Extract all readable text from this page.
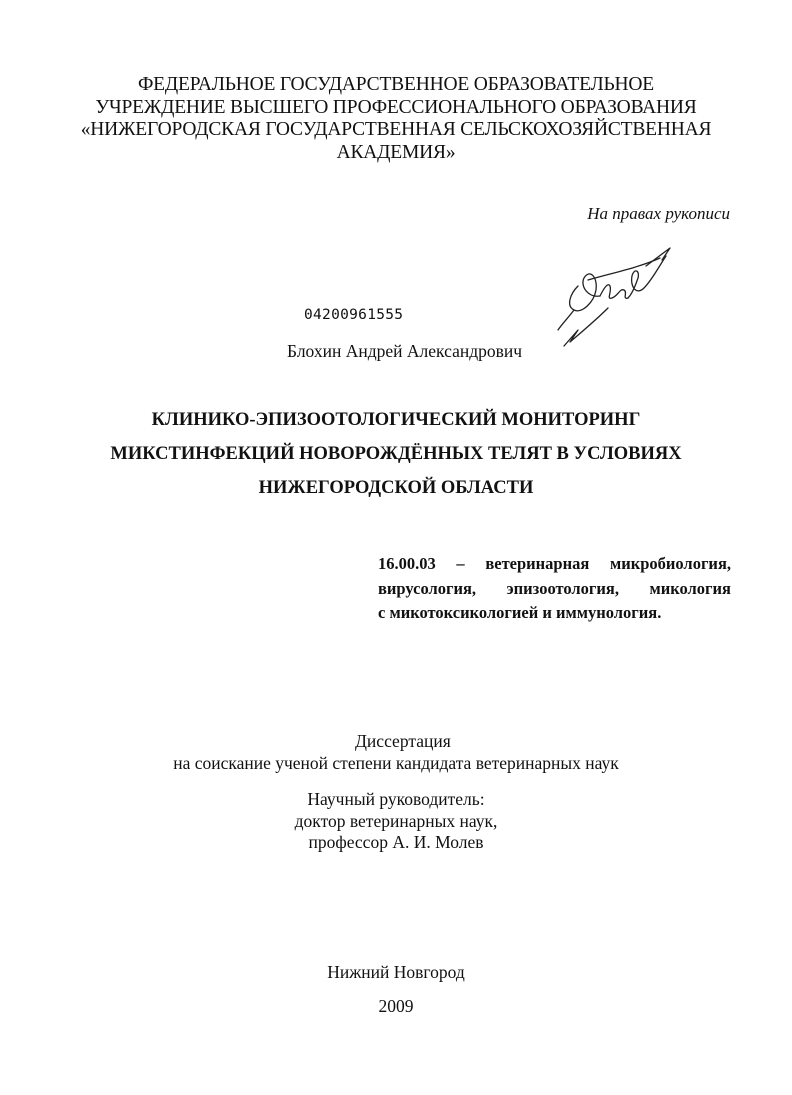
ФЕДЕРАЛЬНОЕ ГОСУДАРСТВЕННОЕ ОБРАЗОВАТЕЛЬНОЕ
УЧРЕЖДЕНИЕ ВЫСШЕГО ПРОФЕССИОНАЛЬНОГО ОБРАЗОВАНИЯ
«НИЖЕГОРОДСКАЯ ГОСУДАРСТВЕННАЯ СЕЛЬСКОХОЗЯЙСТВЕННАЯ
АКАДЕМИЯ»
На правах рукописи
04200961555
Блохин Андрей Александрович
КЛИНИКО-ЭПИЗООТОЛОГИЧЕСКИЙ МОНИТОРИНГ
МИКСТИНФЕКЦИЙ НОВОРОЖДЁННЫХ ТЕЛЯТ В УСЛОВИЯХ
НИЖЕГОРОДСКОЙ ОБЛАСТИ
16.00.03 – ветеринарная микробиология,
вирусология, эпизоотология, микология
с микотоксикологией и иммунология.
Диссертация
на соискание ученой степени кандидата ветеринарных наук
Научный руководитель:
доктор ветеринарных наук,
профессор А. И. Молев
Нижний Новгород
2009
